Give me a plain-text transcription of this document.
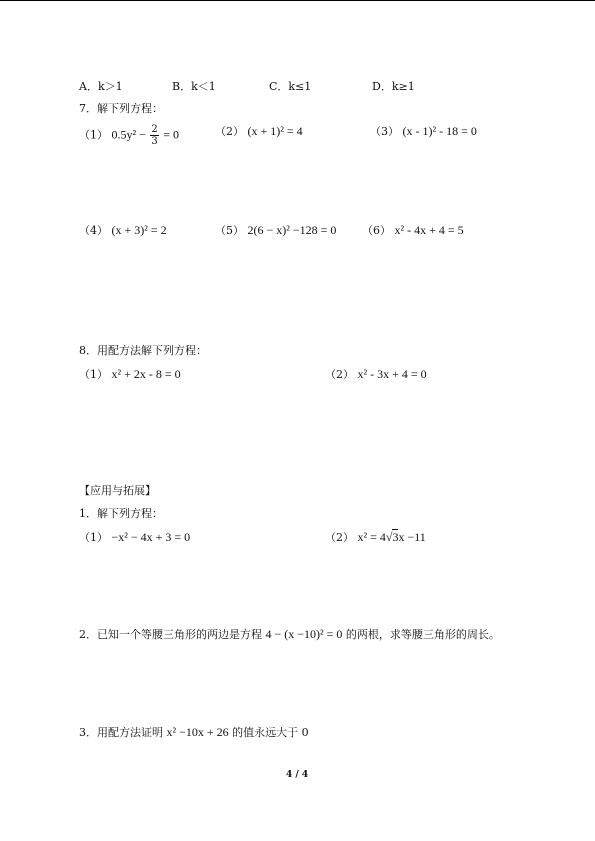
A．k＞1	B．k＜1	C．k≤1	D．k≥1
7．解下列方程：
（1） $0.5y^2 - \frac{2}{3} = 0$	（2） (x + 1)² = 4	（3） (x - 1)² - 18 = 0
（4） (x + 3)² = 2	（5） 2(6 − x)² −128 = 0 （6） x² - 4x + 4 = 5
8．用配方法解下列方程：
（1） x² + 2x - 8 = 0	（2） x² - 3x + 4 = 0
【应用与拓展】
1．解下列方程：
（1） −x² − 4x + 3 = 0	（2） x² = 4√3x −11
2．已知一个等腰三角形的两边是方程 4 − (x −10)² = 0 的两根，求等腰三角形的周长。
3．用配方法证明 x² −10x + 26 的值永远大于 0
4 / 4
